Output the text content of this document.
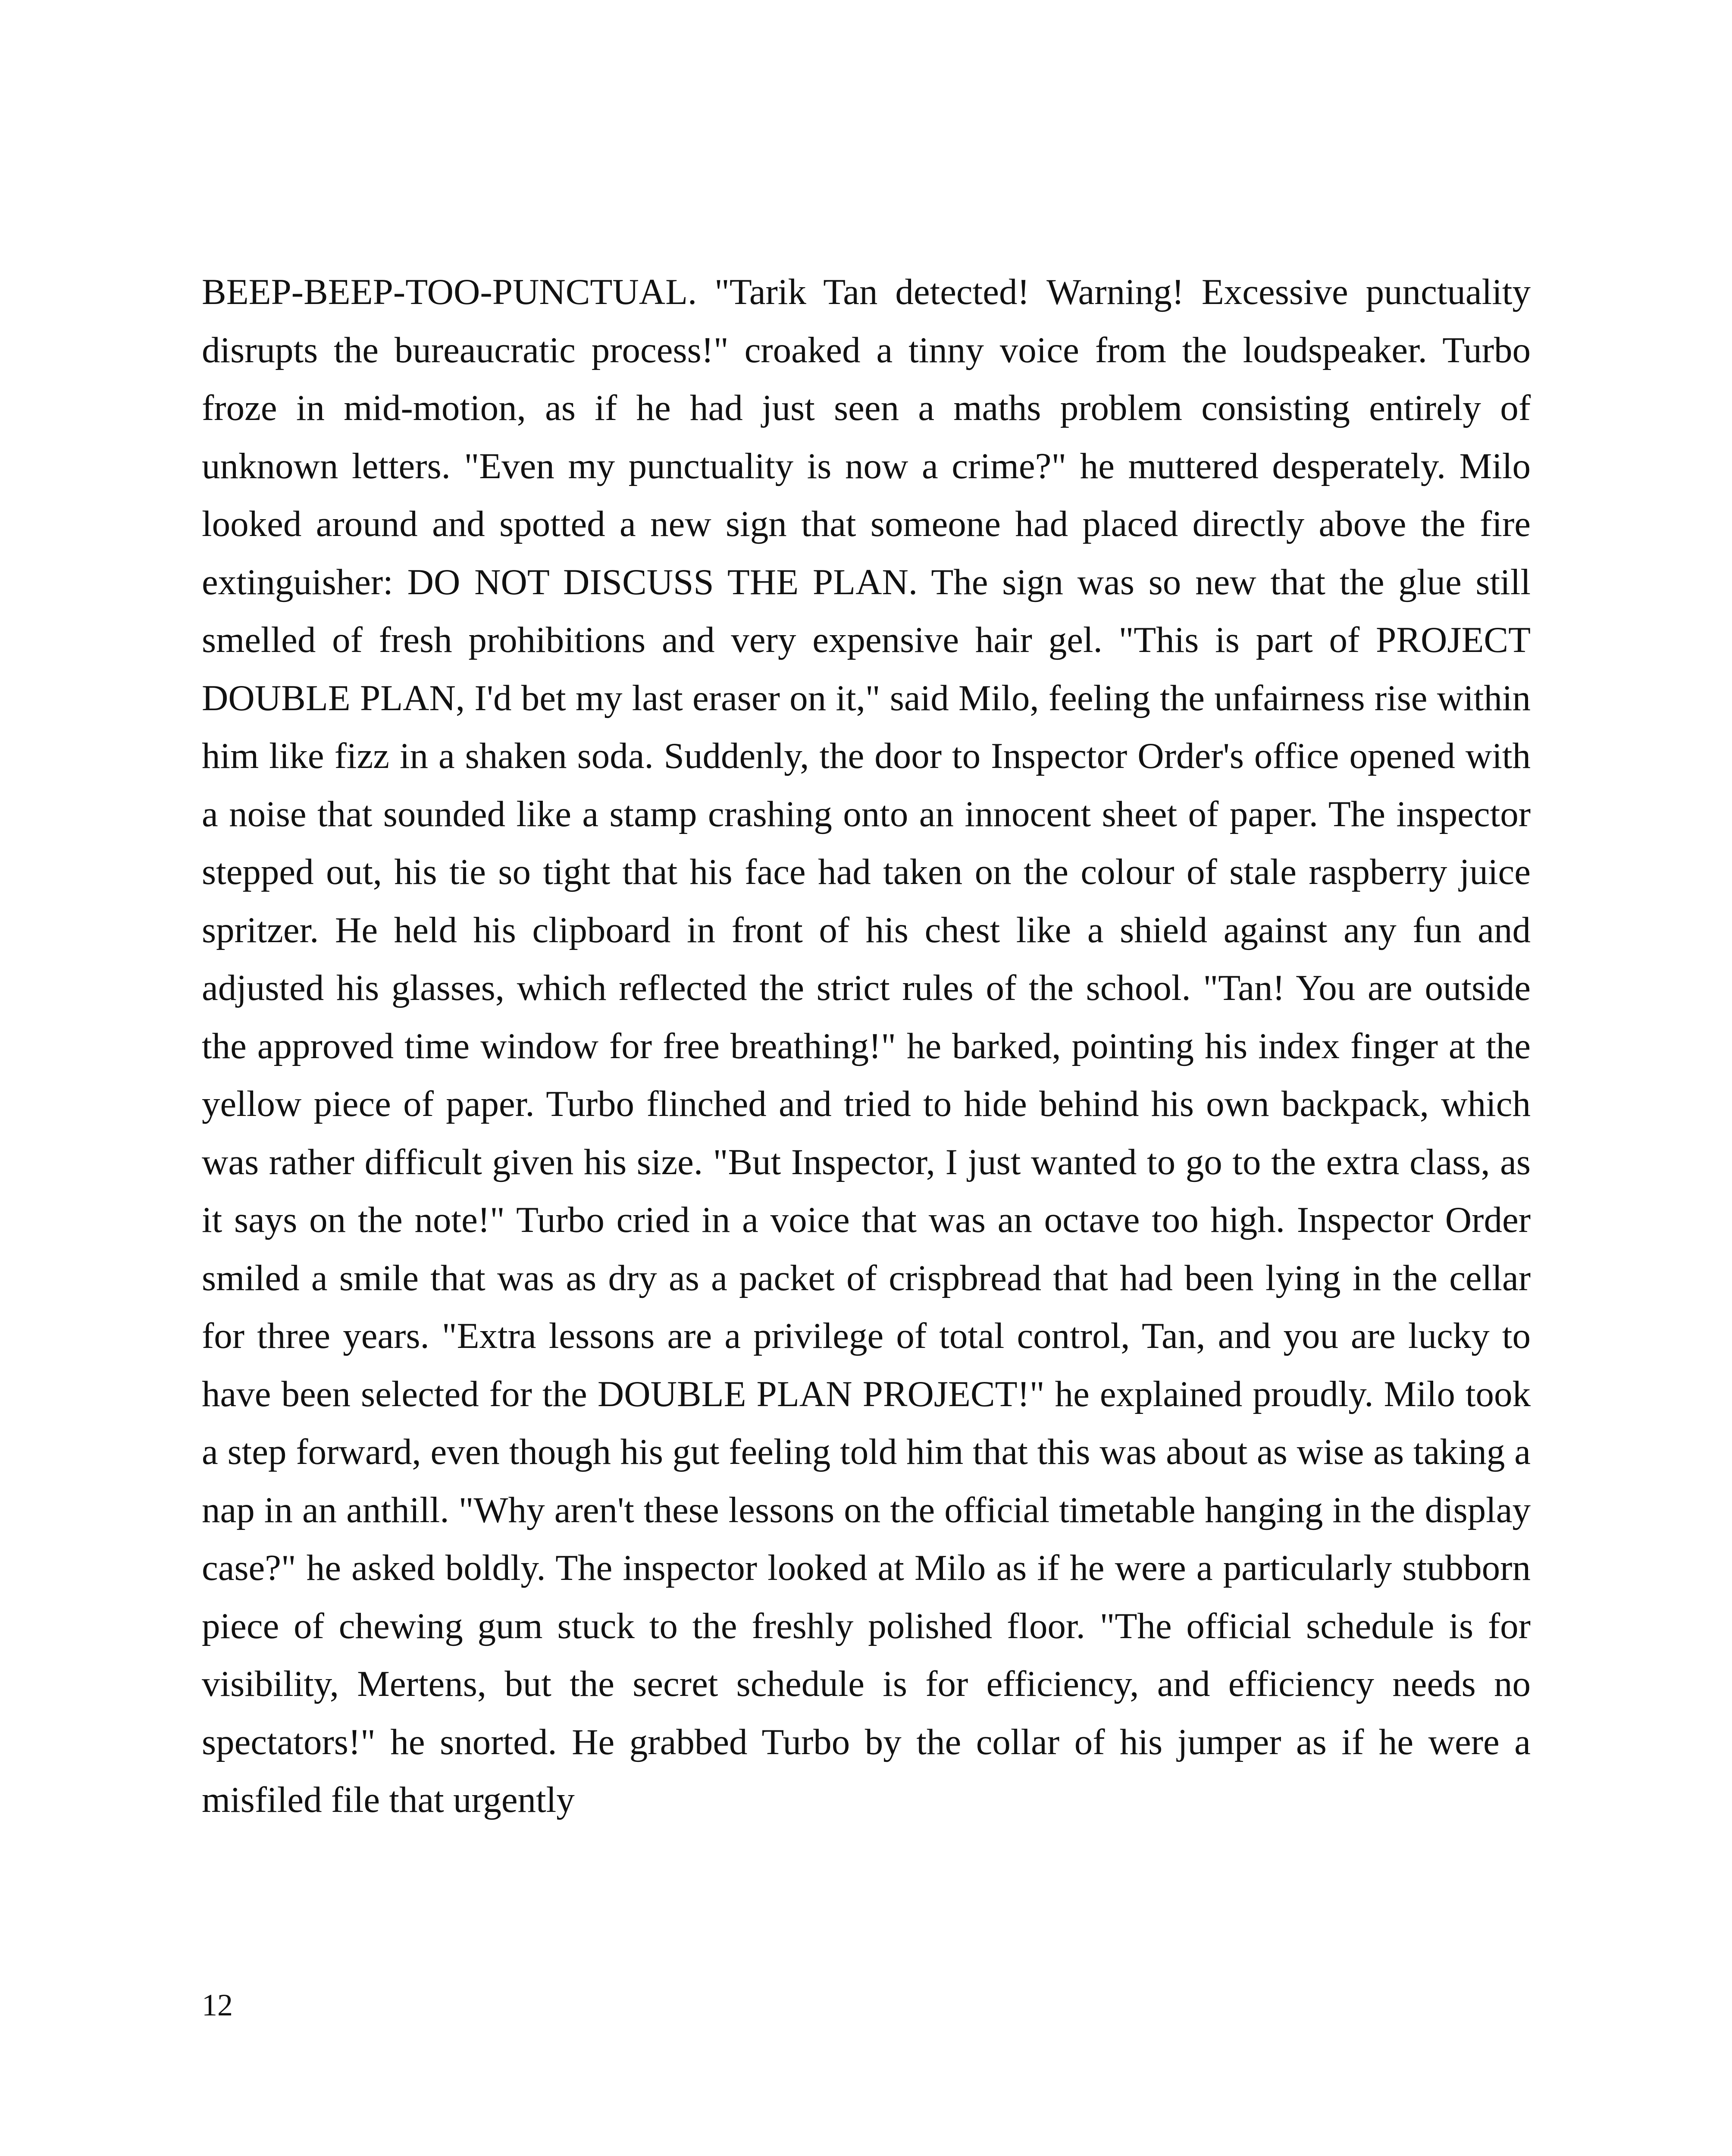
BEEP-BEEP-TOO-PUNCTUAL. "Tarik Tan detected! Warning! Excessive punctuality disrupts the bureaucratic process!" croaked a tinny voice from the loudspeaker. Turbo froze in mid-motion, as if he had just seen a maths problem consisting entirely of unknown letters. "Even my punctuality is now a crime?" he muttered desperately. Milo looked around and spotted a new sign that someone had placed directly above the fire extinguisher: DO NOT DISCUSS THE PLAN. The sign was so new that the glue still smelled of fresh prohibitions and very expensive hair gel. "This is part of PROJECT DOUBLE PLAN, I'd bet my last eraser on it," said Milo, feeling the unfairness rise within him like fizz in a shaken soda. Suddenly, the door to Inspector Order's office opened with a noise that sounded like a stamp crashing onto an innocent sheet of paper. The inspector stepped out, his tie so tight that his face had taken on the colour of stale raspberry juice spritzer. He held his clipboard in front of his chest like a shield against any fun and adjusted his glasses, which reflected the strict rules of the school. "Tan! You are outside the approved time window for free breathing!" he barked, pointing his index finger at the yellow piece of paper. Turbo flinched and tried to hide behind his own backpack, which was rather difficult given his size. "But Inspector, I just wanted to go to the extra class, as it says on the note!" Turbo cried in a voice that was an octave too high. Inspector Order smiled a smile that was as dry as a packet of crispbread that had been lying in the cellar for three years. "Extra lessons are a privilege of total control, Tan, and you are lucky to have been selected for the DOUBLE PLAN PROJECT!" he explained proudly. Milo took a step forward, even though his gut feeling told him that this was about as wise as taking a nap in an anthill. "Why aren't these lessons on the official timetable hanging in the display case?" he asked boldly. The inspector looked at Milo as if he were a particularly stubborn piece of chewing gum stuck to the freshly polished floor. "The official schedule is for visibility, Mertens, but the secret schedule is for efficiency, and efficiency needs no spectators!" he snorted. He grabbed Turbo by the collar of his jumper as if he were a misfiled file that urgently

12
